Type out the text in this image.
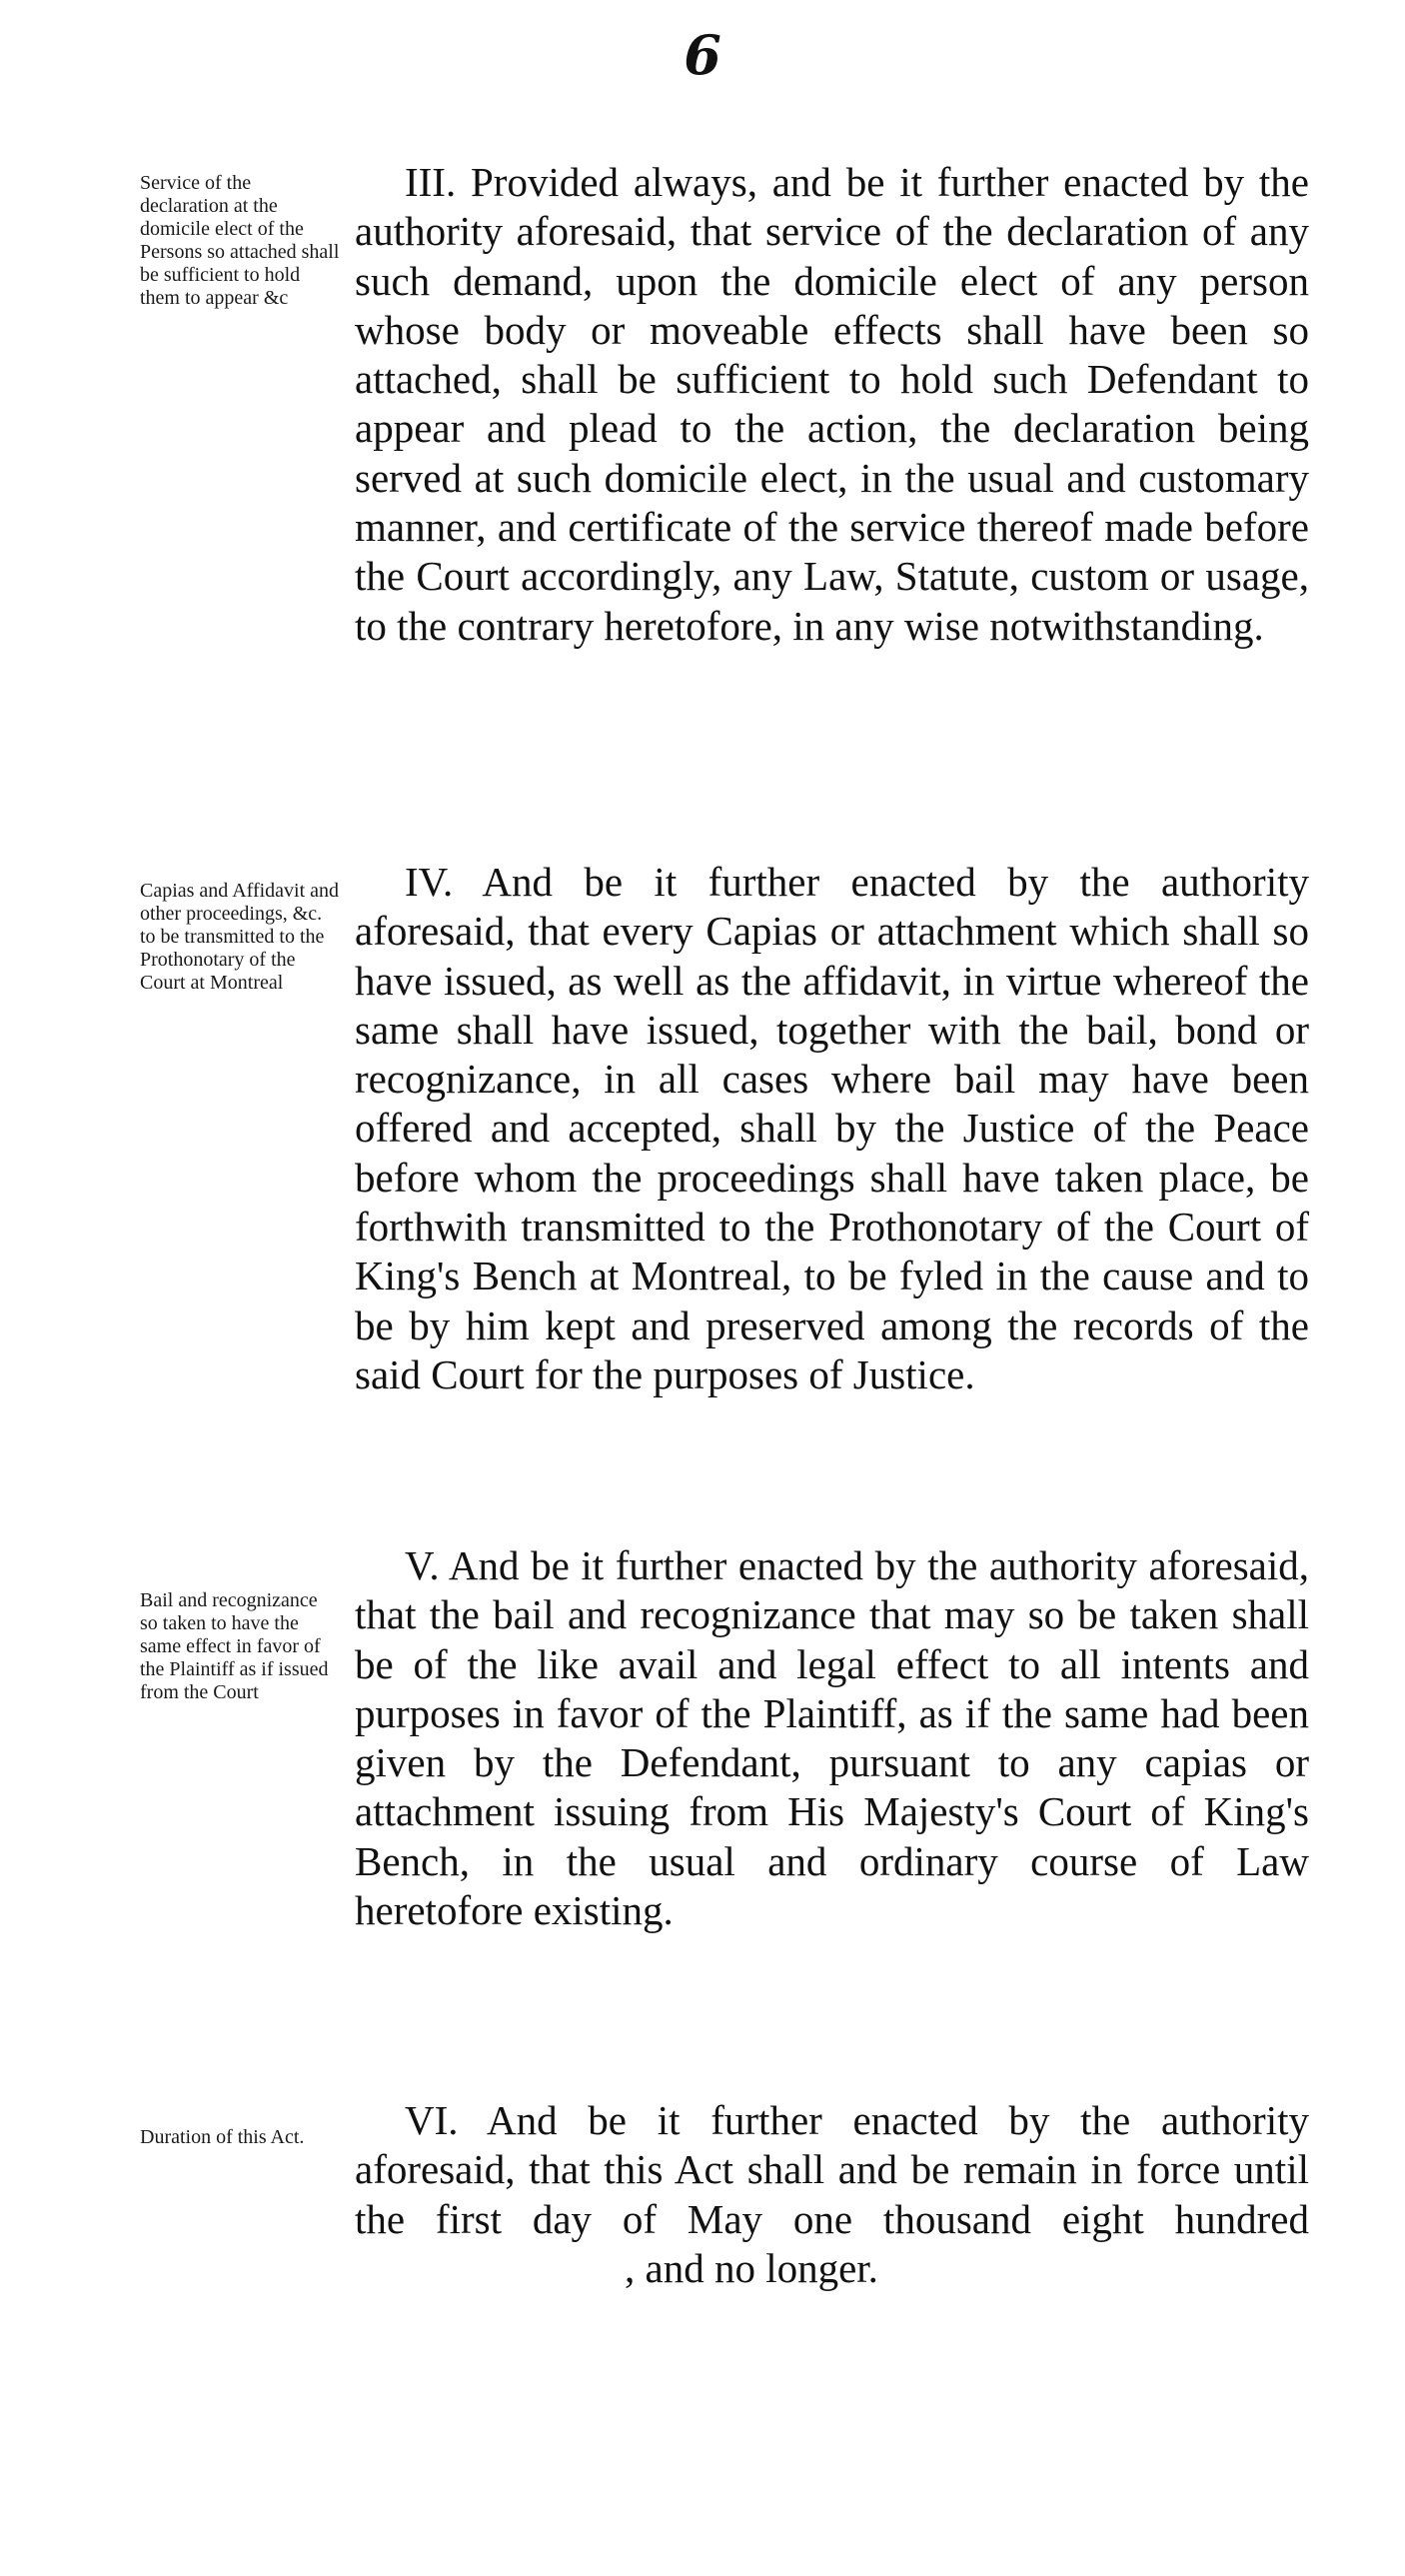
6
Service of the declaration at the domicile elect of the Persons so attached shall be sufficient to hold them to appear &c
III. Provided always, and be it further enacted by the authority aforesaid, that service of the declaration of any such demand, upon the domicile elect of any person whose body or moveable effects shall have been so attached, shall be sufficient to hold such Defendant to appear and plead to the action, the declaration being served at such domicile elect, in the usual and customary manner, and certificate of the service thereof made before the Court accordingly, any Law, Statute, custom or usage, to the contrary heretofore, in any wise notwithstanding.
Capias and Affidavit and other proceedings, &c. to be transmitted to the Prothonotary of the Court at Montreal
IV. And be it further enacted by the authority aforesaid, that every Capias or attachment which shall so have issued, as well as the affidavit, in virtue whereof the same shall have issued, together with the bail, bond or recognizance, in all cases where bail may have been offered and accepted, shall by the Justice of the Peace before whom the proceedings shall have taken place, be forthwith transmitted to the Prothonotary of the Court of King's Bench at Montreal, to be fyled in the cause and to be by him kept and preserved among the records of the said Court for the purposes of Justice.
Bail and recognizance so taken to have the same effect in favor of the Plaintiff as if issued from the Court
V. And be it further enacted by the authority aforesaid, that the bail and recognizance that may so be taken shall be of the like avail and legal effect to all intents and purposes in favor of the Plaintiff, as if the same had been given by the Defendant, pursuant to any capias or attachment issuing from His Majesty's Court of King's Bench, in the usual and ordinary course of Law heretofore existing.
Duration of this Act.	VI. And be it further enacted by the authority aforesaid, that this Act shall and be remain in force until the first day of May one thousand eight hundred, and no longer.
